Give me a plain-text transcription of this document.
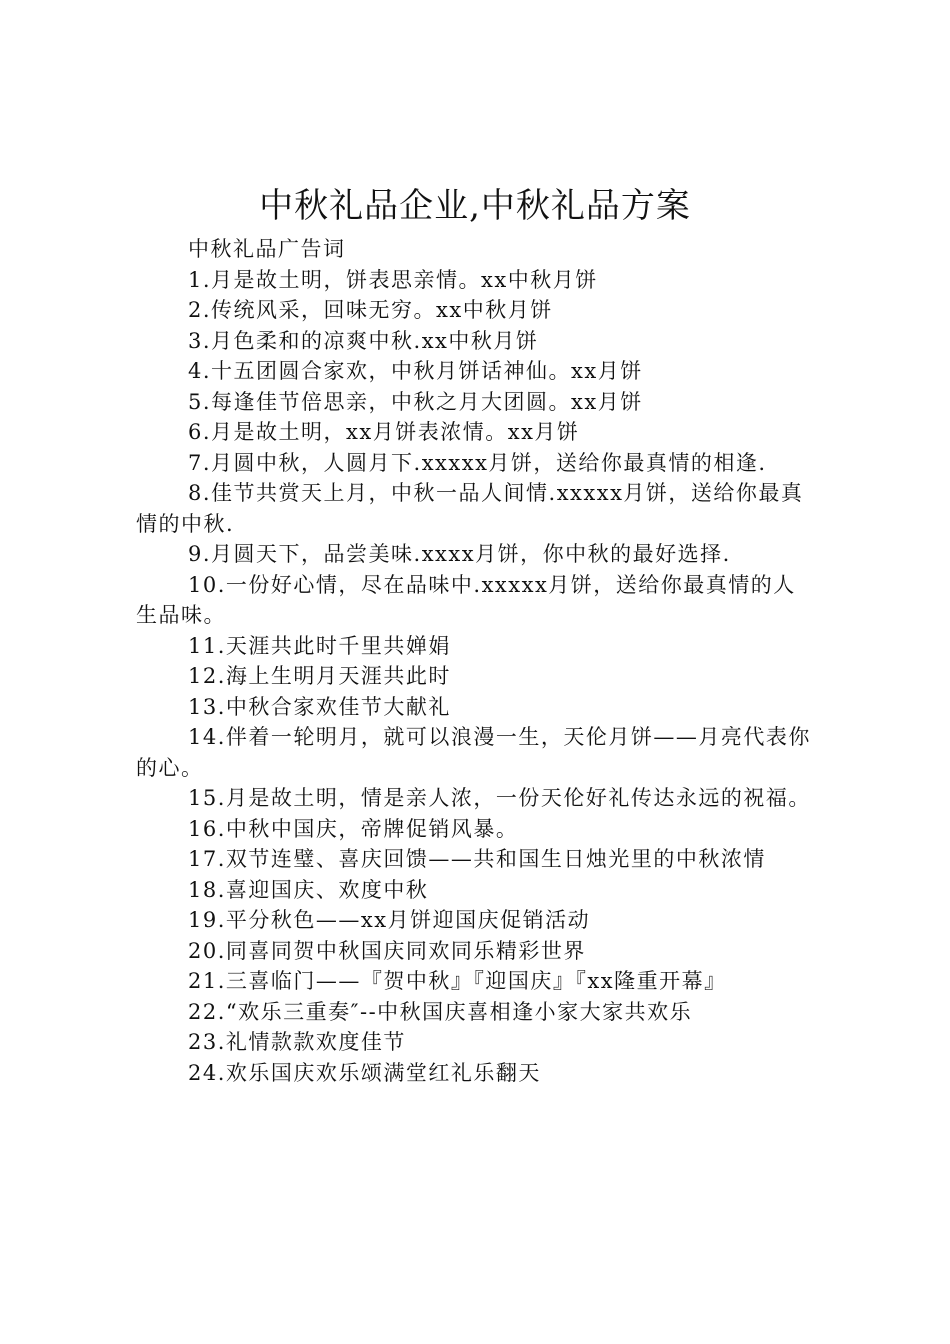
中秋礼品企业,中秋礼品方案

中秋礼品广告词

1.月是故土明，饼表思亲情。xx中秋月饼

2.传统风采，回味无穷。xx中秋月饼

3.月色柔和的凉爽中秋.xx中秋月饼

4.十五团圆合家欢，中秋月饼话神仙。xx月饼

5.每逢佳节倍思亲，中秋之月大团圆。xx月饼

6.月是故土明，xx月饼表浓情。xx月饼

7.月圆中秋，人圆月下.xxxxx月饼，送给你最真情的相逢.

8.佳节共赏天上月，中秋一品人间情.xxxxx月饼，送给你最真情的中秋.

9.月圆天下，品尝美味.xxxx月饼，你中秋的最好选择.

10.一份好心情，尽在品味中.xxxxx月饼，送给你最真情的人生品味。

11.天涯共此时千里共婵娟

12.海上生明月天涯共此时

13.中秋合家欢佳节大献礼

14.伴着一轮明月，就可以浪漫一生，天伦月饼——月亮代表你的心。

15.月是故土明，情是亲人浓，一份天伦好礼传达永远的祝福。

16.中秋中国庆，帝牌促销风暴。

17.双节连璧、喜庆回馈——共和国生日烛光里的中秋浓情

18.喜迎国庆、欢度中秋

19.平分秋色——xx月饼迎国庆促销活动

20.同喜同贺中秋国庆同欢同乐精彩世界

21.三喜临门——『贺中秋』『迎国庆』『xx隆重开幕』

22.“欢乐三重奏″--中秋国庆喜相逢小家大家共欢乐

23.礼情款款欢度佳节

24.欢乐国庆欢乐颂满堂红礼乐翻天
